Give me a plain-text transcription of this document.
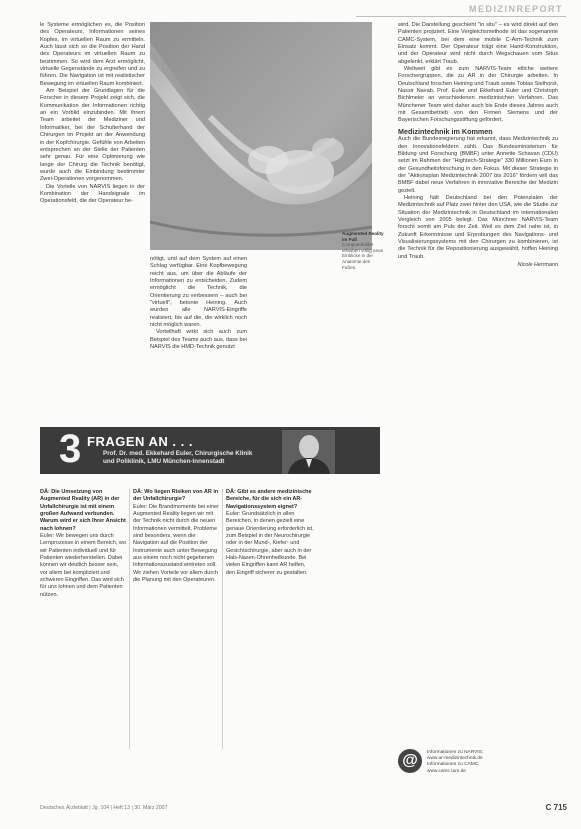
MEDIZINREPORT

le Systeme ermöglichen es, die Position des Operateurs, Informationen seines Kopfes, im virtuellen Raum zu ermitteln. Auch lässt sich so die Position der Hand des Operateurs im virtuellen Raum zu bestimmen. So wird dem Arzt ermöglicht, virtuelle Gegenstände zu ergreifen und zu führen. Die Navigation ist mit realistischer Bewegung im virtuellen Raum kombiniert.

Am Beispiel der Grundlagen für die Forscher in diesem Projekt zeigt sich, die Kommunikation der Informationen richtig an ein Vorbild einzubinden. Mit ihrem Team arbeitet der Mediziner und Informatiker, bei der Schulterhand der Chirurgen im Projekt an der Anwendung in der Kopfchirurgie. Gefühle von Arbeiten entsprechen an der Stelle der Patienten sehr genau. Für eine Optimierung wie lange der Chirurg die Technik benötigt, wurde auch die Einbindung bestimmter Zwei-Operationen vorgenommen.

Die Vorteile von NARVIS liegen in der Kombination der Handsignale im Operationsfeld, die der Operateur be-

nötigt, und auf dem System auf einen Schlag verfügbar. Eine Kopfbewegung reicht aus, um über die Abläufe der Informationen zu entscheiden. Zudem ermöglicht die Technik, die Orientierung zu verbessern – auch bei "virtuell", betonte Heining. Auch wurden alle NARVIS-Eingriffe realisiert, bis auf die, die wirklich noch nicht möglich waren.

Vorteilhaft wirkt sich auch zum Beispiel des Teams auch aus, dass bei NARVIS die HMD-Technik genutzt

Augmented Reality im Fuß
Computerbilder erlauben völlig neue Einblicke in die Anatomie des Fußes.

wird. Die Darstellung geschieht "in situ" – es wird direkt auf den Patienten projiziert. Eine Vergleichsmethode ist das sogenannte CAMC-System, bei dem eine mobile C-Arm-Technik zum Einsatz kommt. Der Operateur trägt eine Hand-Konstruktion, und der Operateur wird nicht durch Wegschauen vom Situs abgelenkt, erklärt Traub.

Weltweit gibt es zum NARVIS-Team etliche weitere Forschergruppen, die zu AR in der Chirurgie arbeiten. In Deutschland forschen Heining und Traub sowie Tobias Sielhorst, Nassir Navab, Prof. Euler und Ekkehard Euler und Christoph Bichlmeier an verschiedenen medizinischen Verfahren. Das Münchener Team wird daher auch bis Ende dieses Jahres auch mit Gesamtbetrieb von den Firmen Siemens und der Bayerischen Forschungsstiftung gefördert.

Medizintechnik im Kommen

Auch die Bundesregierung hat erkannt, dass Medizintechnik zu den Innovationsfeldern zählt. Das Bundesministerium für Bildung und Forschung (BMBF) unter Annette Schavan (CDU) setzt im Rahmen der "Hightech-Strategie" 330 Millionen Euro in der Gesundheitsforschung in den Fokus. Mit dieser Strategie in der "Aktionsplan Medizintechnik 2007 bis 2016" fördern will das BMBF dabei neue Verfahren in innovative Bereiche der Medizin gezielt.

Heining hält Deutschland bei den Potenzialen der Medizintechnik auf Platz zwei hinter den USA, wie die Studie zur Situation der Medizintechnik in Deutschland im internationalen Vergleich von 2005 belegt. Das Münchner NARVIS-Team forscht somit am Puls der Zeit. Weil es dem Ziel nahe ist, in Zukunft Erkenntnisse und Erprobungen des Navigations- und Visualisierungssystems mit den Chirurgen zu kombinieren, ist die Technik für die Repositionierung ausgewählt, hoffen Heining und Traub.

Nicole Herrmann
3 FRAGEN AN . . .
Prof. Dr. med. Ekkehard Euler, Chirurgische Klinik
und Poliklinik, LMU München-Innenstadt
DÄ: Die Umsetzung von Augmented Reality (AR) in der Unfallchirurgie ist mit einem großen Aufwand verbunden. Warum wird er sich Ihrer Ansicht nach lohnen?
Euler: Wir bewegen uns durch Lernprozesse in einem Bereich, wo wir Patienten individuell und für Patienten wiederherstellen. Dabei können wir deutlich besser sein, vor allem bei kompliziert und schweren Eingriffen. Das wird sich für uns lohnen und dem Patienten nützen.
DÄ: Wo liegen Risiken von AR in der Unfallchirurgie?
Euler: Die Brandmomente bei einer Augmented Reality liegen wir mit der Technik nicht durch die neuen Informationen vermittelt. Probleme sind besonders, wenn die Navigation auf die Position der Instrumente auch unter Bewegung aus einem noch nicht gegebenen Informationszustand eintreten soll. Wir ziehen Vorteile vor allem durch die Planung mit den Operateuren.
DÄ: Gibt es andere medizinische Bereiche, für die sich ein AR-Navigationssystem eignet?
Euler: Grundsätzlich in allen Bereichen, in denen gezielt eine genaue Orientierung erforderlich ist, zum Beispiel in der Neurochirurgie oder in der Mund-, Kiefer- und Gesichtschirurgie, aber auch in der Hals-Nasen-Ohrenheilkunde. Bei vielen Eingriffen kann AR helfen, den Eingriff sicherer zu gestalten.
@	Informationen zu NARVIS:
www.ar-medizintechnik.de
Informationen zu CAMC:
www.camc.tum.de
Deutsches Ärzteblatt | Jg. 104 | Heft 13 | 30. März 2007	C 715
